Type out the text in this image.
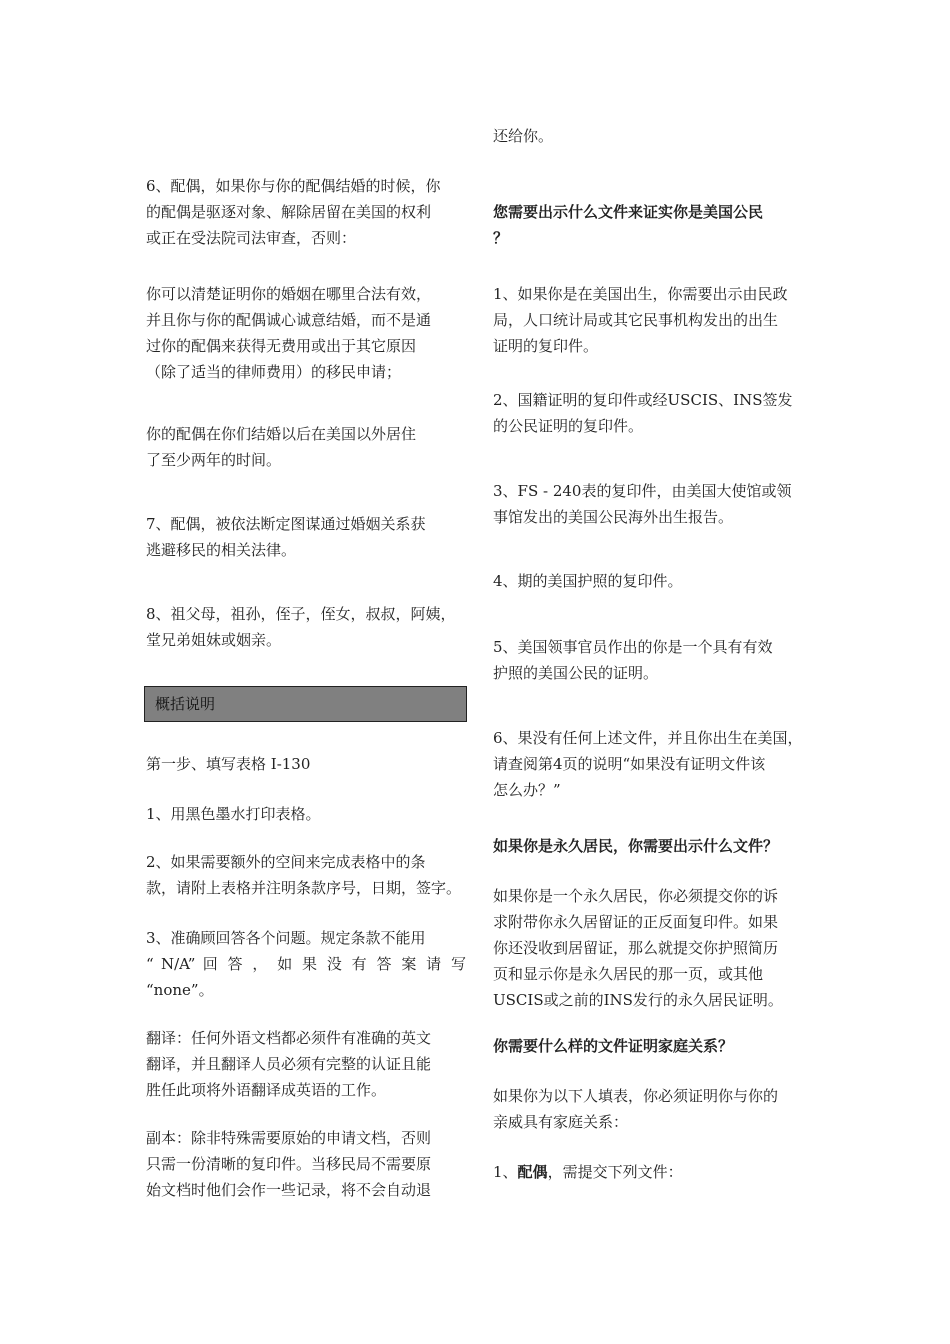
6、配偶，如果你与你的配偶结婚的时候，你
的配偶是驱逐对象、解除居留在美国的权利
或正在受法院司法审查，否则：

你可以清楚证明你的婚姻在哪里合法有效，
并且你与你的配偶诚心诚意结婚，而不是通
过你的配偶来获得无费用或出于其它原因
（除了适当的律师费用）的移民申请；

你的配偶在你们结婚以后在美国以外居住
了至少两年的时间。

7、配偶，被依法断定图谋通过婚姻关系获
逃避移民的相关法律。

8、祖父母，祖孙，侄子，侄女，叔叔，阿姨，
堂兄弟姐妹或姻亲。

概括说明

第一步、填写表格 I-130

1、用黑色墨水打印表格。

2、如果需要额外的空间来完成表格中的条
款，请附上表格并注明条款序号，日期，签字。

3、准确顾回答各个问题。规定条款不能用
“ N/A” 回 答 ， 如 果 没 有 答 案 请 写
“none”。

翻译：任何外语文档都必须件有准确的英文
翻译，并且翻译人员必须有完整的认证且能
胜任此项将外语翻译成英语的工作。

副本：除非特殊需要原始的申请文档，否则
只需一份清晰的复印件。当移民局不需要原
始文档时他们会作一些记录，将不会自动退

还给你。

您需要出示什么文件来证实你是美国公民
？

1、如果你是在美国出生，你需要出示由民政
局，人口统计局或其它民事机构发出的出生
证明的复印件。

2、国籍证明的复印件或经USCIS、INS签发
的公民证明的复印件。

3、FS - 240表的复印件，由美国大使馆或领
事馆发出的美国公民海外出生报告。

4、期的美国护照的复印件。

5、美国领事官员作出的你是一个具有有效
护照的美国公民的证明。

6、果没有任何上述文件，并且你出生在美国，
请查阅第4页的说明“如果没有证明文件该
怎么办？”

如果你是永久居民，你需要出示什么文件？

如果你是一个永久居民，你必须提交你的诉
求附带你永久居留证的正反面复印件。如果
你还没收到居留证，那么就提交你护照简历
页和显示你是永久居民的那一页，或其他
USCIS或之前的INS发行的永久居民证明。

你需要什么样的文件证明家庭关系？

如果你为以下人填表，你必须证明你与你的
亲威具有家庭关系：

1、配偶，需提交下列文件：
